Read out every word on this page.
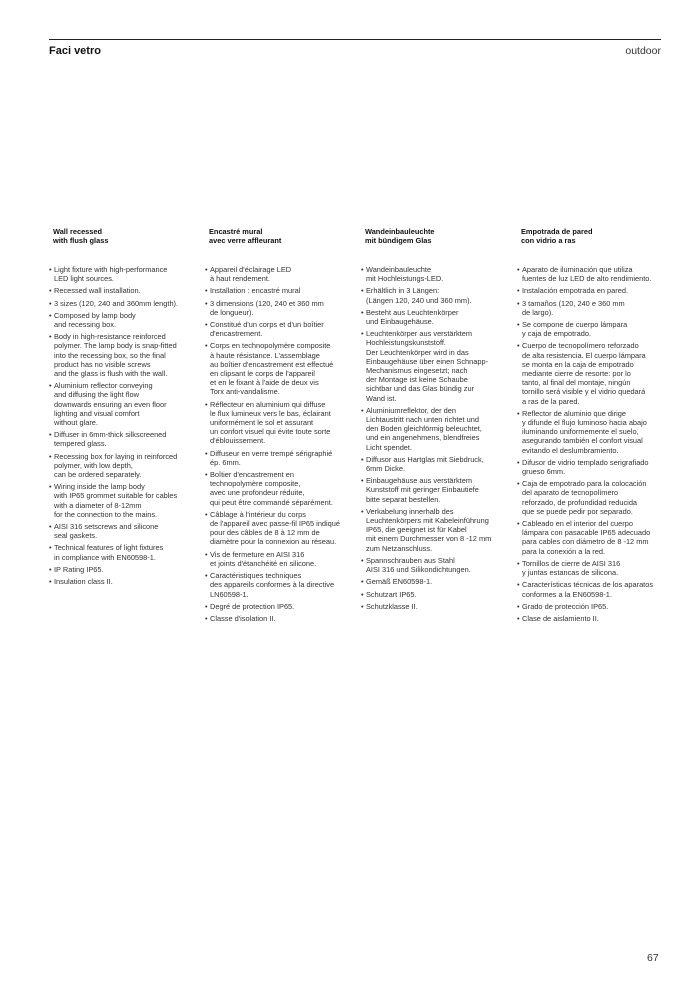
Faci vetro	outdoor
Wall recessed
with flush glass
• Light fixture with high-performance
LED light sources.
• Recessed wall installation.
• 3 sizes (120, 240 and 360mm length).
• Composed by lamp body
and recessing box.
• Body in high-resistance reinforced
polymer. The lamp body is snap-fitted
into the recessing box, so the final
product has no visible screws
and the glass is flush with the wall.
• Aluminium reflector conveying
and diffusing the light flow
downwards ensuring an even floor
lighting and visual comfort
without glare.
• Diffuser in 6mm-thick silkscreened
tempered glass.
• Recessing box for laying in reinforced
polymer, with low depth,
can be ordered separately.
• Wiring inside the lamp body
with IP65 grommet suitable for cables
with a diameter of 8-12mm
for the connection to the mains.
• AISI 316 setscrews and silicone
seal gaskets.
• Technical features of light fixtures
in compliance with EN60598-1.
• IP Rating IP65.
• Insulation class II.
Encastré mural
avec verre affleurant
• Appareil d'éclairage LED
à haut rendement.
• Installation : encastré mural
• 3 dimensions (120, 240 et 360 mm
de longueur).
• Constitué d'un corps et d'un boîtier
d'encastrement.
• Corps en technopolymère composite
à haute résistance. L'assemblage
au boîtier d'encastrement est effectué
en clipsant le corps de l'appareil
et en le fixant à l'aide de deux vis
Torx anti-vandalisme.
• Réflecteur en aluminium qui diffuse
le flux lumineux vers le bas, éclairant
uniformément le sol et assurant
un confort visuel qui évite toute sorte
d'éblouissement.
• Diffuseur en verre trempé sérigraphié
ép. 6mm.
• Boîtier d'encastrement en
technopolymère composite,
avec une profondeur réduite,
qui peut être commandé séparément.
• Câblage à l'intérieur du corps
de l'appareil avec passe-fil IP65 indiqué
pour des câbles de 8 à 12 mm de
diamètre pour la connexion au réseau.
• Vis de fermeture en AISI 316
et joints d'étanchéité en silicone.
• Caractéristiques techniques
des appareils conformes à la directive
LN60598-1.
• Degré de protection IP65.
• Classe d'isolation II.
Wandeinbauleuchte
mit bündigem Glas
• Wandeinbauleuchte
mit Hochleistungs-LED.
• Erhältlich in 3 Längen:
(Längen 120, 240 und 360 mm).
• Besteht aus Leuchtenkörper
und Einbaugehäuse.
• Leuchtenkörper aus verstärktem
Hochleistungskunststoff.
Der Leuchtenkörper wird in das
Einbaugehäuse über einen Schnapp-
Mechanismus eingesetzt; nach
der Montage ist keine Schaube
sichtbar und das Glas bündig zur
Wand ist.
• Aluminiumreflektor, der den
Lichtaustritt nach unten richtet und
den Boden gleichförmig beleuchtet,
und ein angenehmens, blendfreies
Licht spendet.
• Diffusor aus Hartglas mit Siebdruck,
6mm Dicke.
• Einbaugehäuse aus verstärktem
Kunststoff mit geringer Einbautiefe
bitte separat bestellen.
• Verkabelung innerhalb des
Leuchtenkörpers mit Kabeleinführung
IP65, die geeignet ist für Kabel
mit einem Durchmesser von 8 -12 mm
zum Netzanschluss.
• Spannschrauben aus Stahl
AISI 316 und Silikondichtungen.
• Gemäß EN60598-1.
• Schutzart IP65.
• Schutzklasse II.
Empotrada de pared
con vidrio a ras
• Aparato de iluminación que utiliza
fuentes de luz LED de alto rendimiento.
• Instalación empotrada en pared.
• 3 tamaños (120, 240 e 360 mm
de largo).
• Se compone de cuerpo lámpara
y caja de empotrado.
• Cuerpo de tecnopolímero reforzado
de alta resistencia. El cuerpo lámpara
se monta en la caja de empotrado
mediante cierre de resorte: por lo
tanto, al final del montaje, ningún
tornillo será visible y el vidrio quedará
a ras de la pared.
• Reflector de aluminio que dirige
y difunde el flujo luminoso hacia abajo
iluminando uniformemente el suelo,
asegurando también el confort visual
evitando el deslumbramiento.
• Difusor de vidrio templado serigrafiado
grueso 6mm.
• Caja de empotrado para la colocación
del aparato de tecnopolímero
reforzado, de profundidad reducida
que se puede pedir por separado.
• Cableado en el interior del cuerpo
lámpara con pasacable IP65 adecuado
para cables con diámetro de 8 -12 mm
para la conexión a la red.
• Tornillos de cierre de AISI 316
y juntas estancas de silicona.
• Características técnicas de los aparatos
conformes a la EN60598-1.
• Grado de protección IP65.
• Clase de aislamiento II.
67
